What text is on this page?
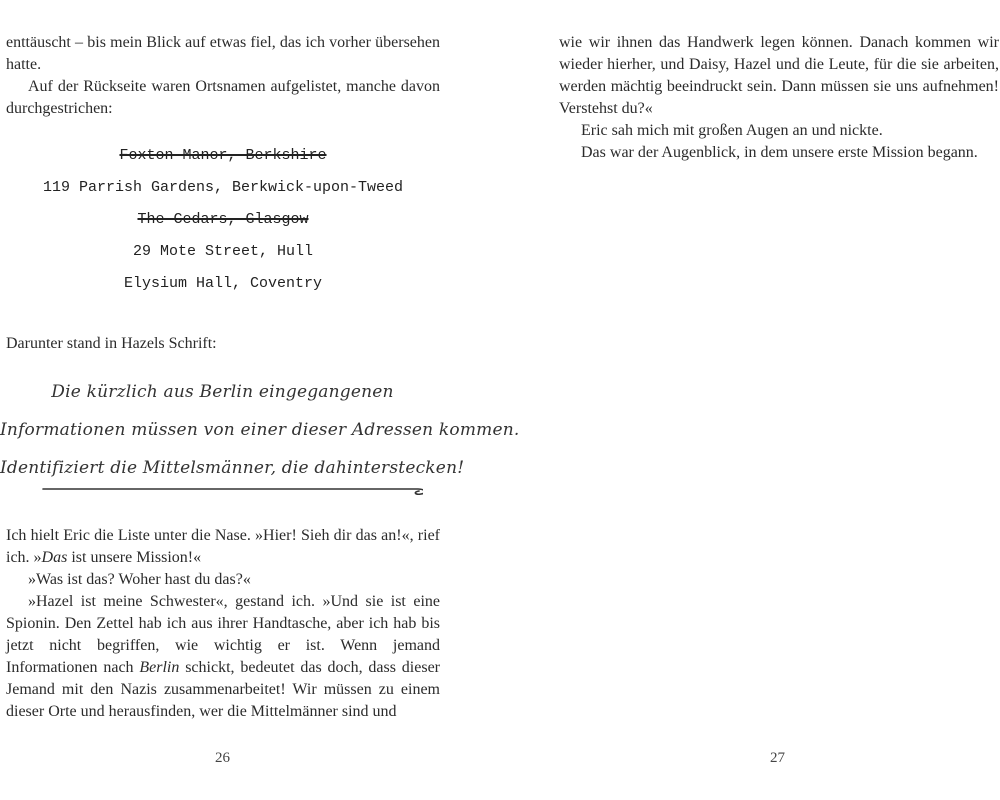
enttäuscht – bis mein Blick auf etwas fiel, das ich vorher übersehen hatte.

Auf der Rückseite waren Ortsnamen aufgelistet, manche davon durchgestrichen:

Foxton Manor, Berkshire
119 Parrish Gardens, Berkwick-upon-Tweed
The Cedars, Glasgow
29 Mote Street, Hull
Elysium Hall, Coventry

Darunter stand in Hazels Schrift:

Die kürzlich aus Berlin eingegangenen
Informationen müssen von einer dieser Adressen kommen.
Identifiziert die Mittelsmänner, die dahinterstecken!

Ich hielt Eric die Liste unter die Nase. »Hier! Sieh dir das an!«, rief ich. »Das ist unsere Mission!«

»Was ist das? Woher hast du das?«

»Hazel ist meine Schwester«, gestand ich. »Und sie ist eine Spionin. Den Zettel hab ich aus ihrer Handtasche, aber ich hab bis jetzt nicht begriffen, wie wichtig er ist. Wenn jemand Informationen nach Berlin schickt, bedeutet das doch, dass dieser Jemand mit den Nazis zusammenarbeitet! Wir müssen zu einem dieser Orte und herausfinden, wer die Mittelmänner sind und

26

wie wir ihnen das Handwerk legen können. Danach kommen wir wieder hierher, und Daisy, Hazel und die Leute, für die sie arbeiten, werden mächtig beeindruckt sein. Dann müssen sie uns aufnehmen! Verstehst du?«

Eric sah mich mit großen Augen an und nickte.

Das war der Augenblick, in dem unsere erste Mission begann.

27
